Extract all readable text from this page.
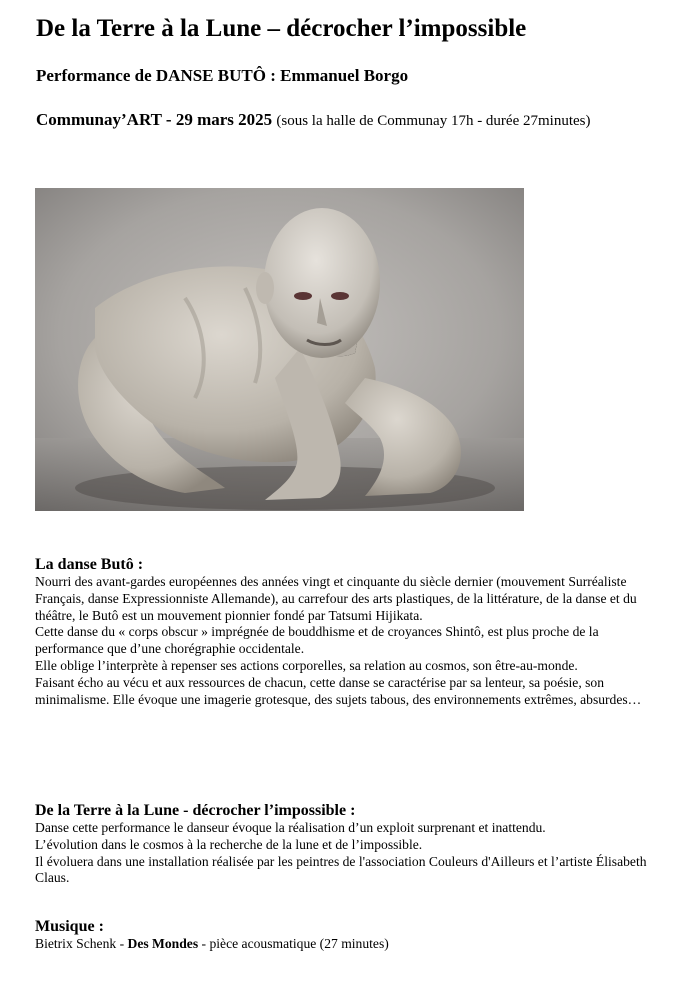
De la Terre à la Lune – décrocher l’impossible
Performance de DANSE BUTÔ : Emmanuel Borgo
Communay’ART - 29 mars 2025 (sous la halle de Communay 17h - durée 27minutes)
La danse Butô :

Nourri des avant-gardes européennes des années vingt et cinquante du siècle dernier (mouvement Surréaliste Français, danse Expressionniste Allemande), au carrefour des arts plastiques, de la littérature, de la danse et du théâtre, le Butô est un mouvement pionnier fondé par Tatsumi Hijikata.

Cette danse du « corps obscur » imprégnée de bouddhisme et de croyances Shintô, est plus proche de la performance que d’une chorégraphie occidentale.

Elle oblige l’interprète à repenser ses actions corporelles, sa relation au cosmos, son être-au-monde.

Faisant écho au vécu et aux ressources de chacun, cette danse se caractérise par sa lenteur, sa poésie, son minimalisme. Elle évoque une imagerie grotesque, des sujets tabous, des environnements extrêmes, absurdes…

De la Terre à la Lune - décrocher l’impossible :

Danse cette performance le danseur évoque la réalisation d’un exploit surprenant et inattendu.

L’évolution dans le cosmos à la recherche de la lune et de l’impossible.

Il évoluera dans une installation réalisée par les peintres de l'association Couleurs d'Ailleurs et l’artiste Élisabeth Claus.

Musique :
Bietrix Schenk - Des Mondes - pièce acousmatique (27 minutes)
